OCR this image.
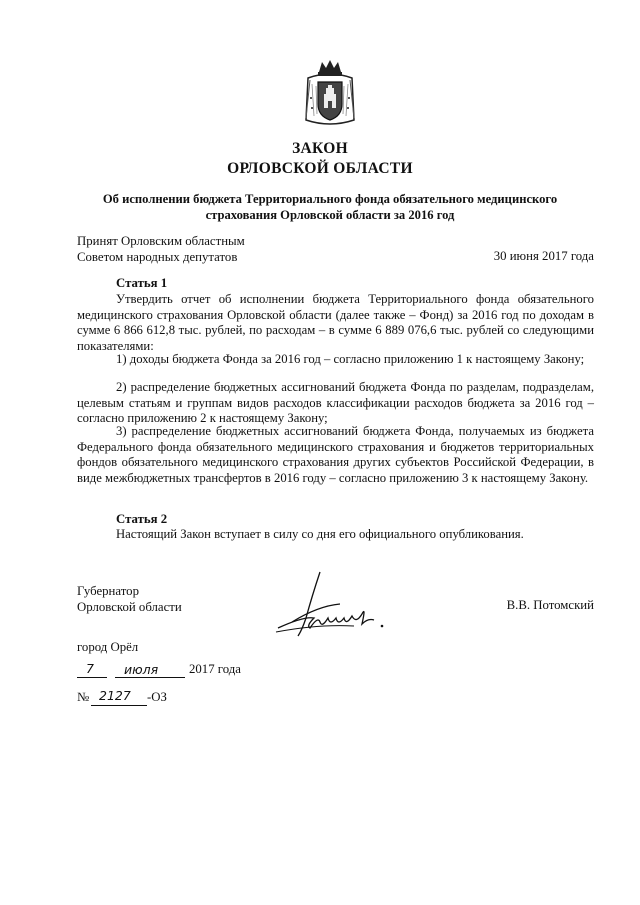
ЗАКОН
ОРЛОВСКОЙ ОБЛАСТИ
Об исполнении бюджета Территориального фонда обязательного медицинского
страхования Орловской области за 2016 год
Принят Орловским областным
Советом народных депутатов	30 июня 2017 года
Статья 1
Утвердить отчет об исполнении бюджета Территориального фонда обязательного медицинского страхования Орловской области (далее также – Фонд) за 2016 год по доходам в сумме 6 866 612,8 тыс. рублей, по расходам – в сумме 6 889 076,6 тыс. рублей со следующими показателями:
1) доходы бюджета Фонда за 2016 год – согласно приложению 1 к настоящему Закону;
2) распределение бюджетных ассигнований бюджета Фонда по разделам, подразделам, целевым статьям и группам видов расходов классификации расходов бюджета за 2016 год – согласно приложению 2 к настоящему Закону;
3) распределение бюджетных ассигнований бюджета Фонда, получаемых из бюджета Федерального фонда обязательного медицинского страхования и бюджетов территориальных фондов обязательного медицинского страхования других субъектов Российской Федерации, в виде межбюджетных трансфертов в 2016 году – согласно приложению 3 к настоящему Закону.
Статья 2
Настоящий Закон вступает в силу со дня его официального опубликования.
Губернатор
Орловской области	В.В. Потомский
город Орёл
7 июля 2017 года
№ 2127 -ОЗ
